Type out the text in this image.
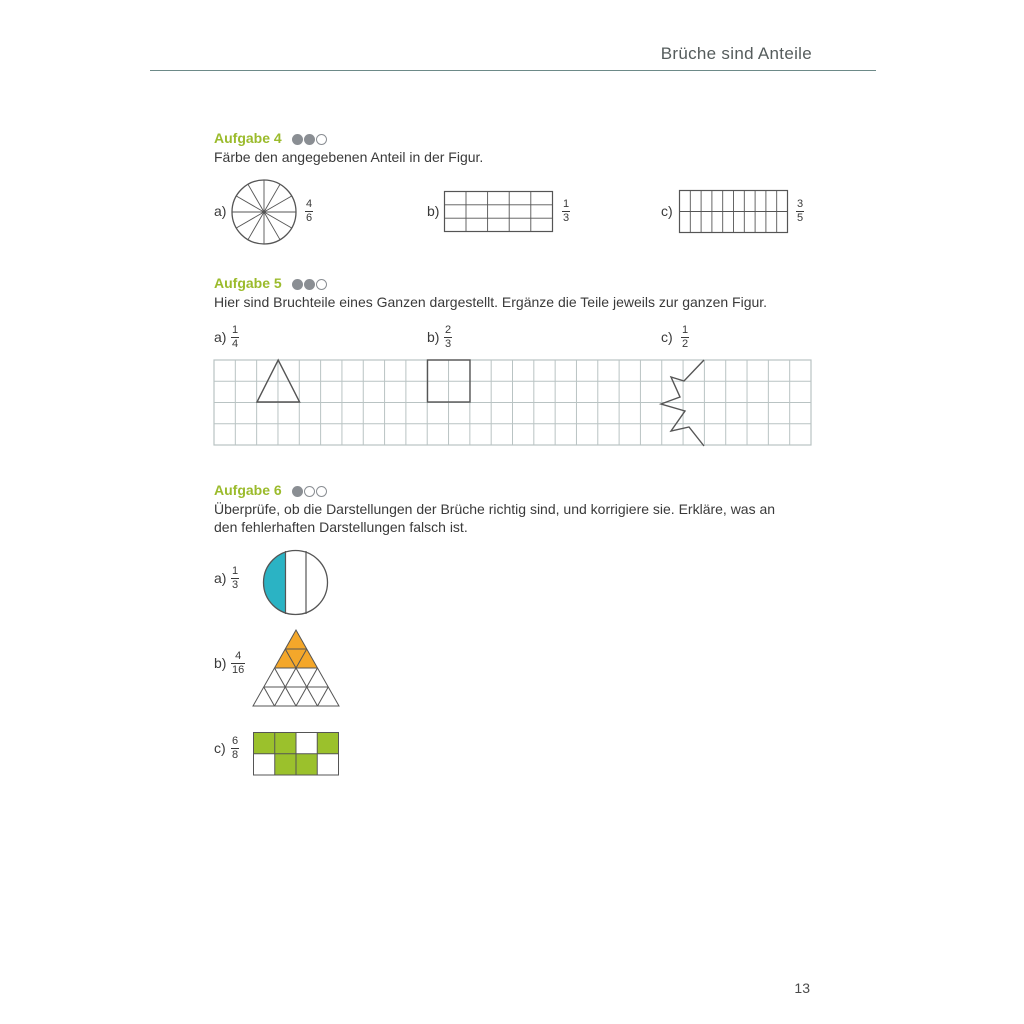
Brüche sind Anteile
Aufgabe 4
Färbe den angegebenen Anteil in der Figur.
a)	4
6	b)	1
3	c)	3
5
Aufgabe 5
Hier sind Bruchteile eines Ganzen dargestellt. Ergänze die Teile jeweils zur ganzen Figur.
a) 1
4	b) 2
3	c) 1
2
Aufgabe 6
Überprüfe, ob die Darstellungen der Brüche richtig sind, und korrigiere sie. Erkläre, was an
den fehlerhaften Darstellungen falsch ist.
a) 1
3
b) 4
16
c) 6
8
13
